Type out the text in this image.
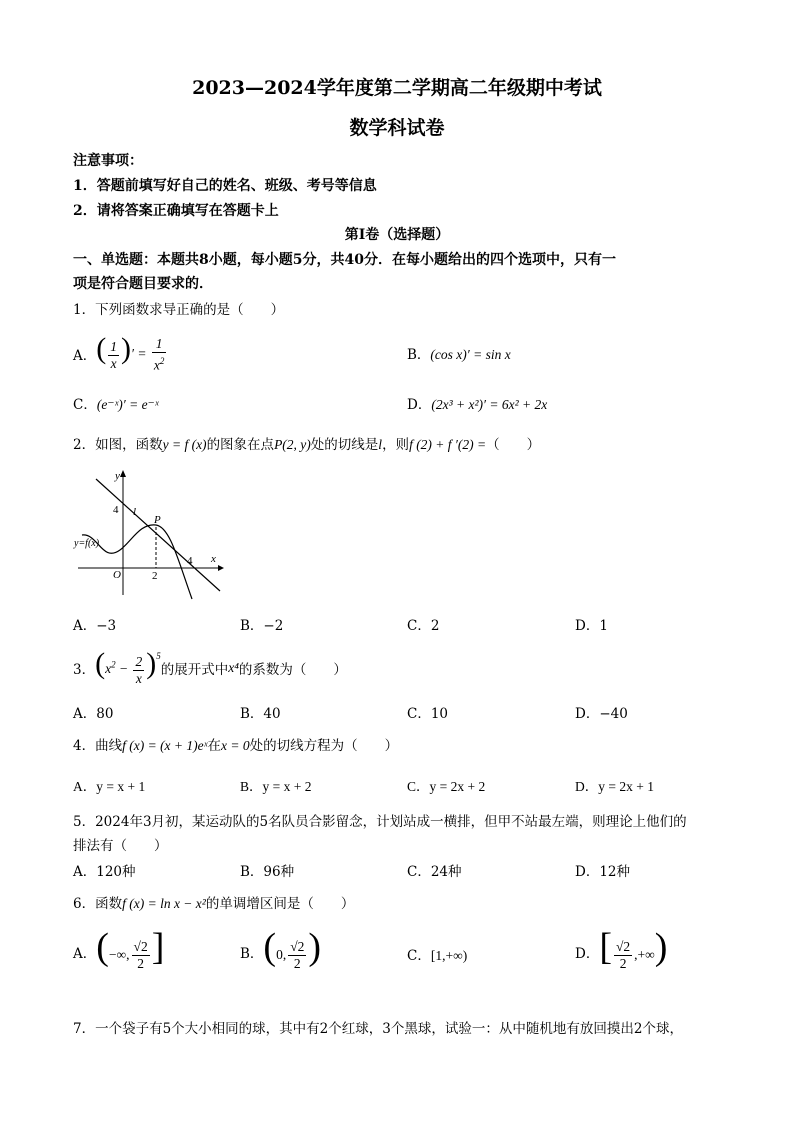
2023—2024学年度第二学期高二年级期中考试
数学科试卷
注意事项：
1．答题前填写好自己的姓名、班级、考号等信息
2．请将答案正确填写在答题卡上
第Ⅰ卷（选择题）
一、单选题：本题共8小题，每小题5分，共40分．在每小题给出的四个选项中，只有一
项是符合题目要求的．
1．下列函数求导正确的是（　　）
A． ( $\frac{1}{x}$ )′ = $\frac{1}{x^2}$	B．(cos x)′ = sin x
C．(e⁻ˣ)′ = e⁻ˣ	D．(2x³ + x²)′ = 6x² + 2x
2．如图，函数y = f (x)的图象在点P(2, y)处的切线是l，则f (2) + f ′(2) =（　　）
y
x
O
4
2
4
l
P
y=f(x)
A．−3	B．−2	C．2	D．1
3． $(x^2 - \frac{2}{x} )^5$
的展开式中 x⁴ 的系数为（　　）
A．80	B．40	C．10	D．−40
4．曲线f (x) = (x + 1)eˣ在x = 0处的切线方程为（　　）
A．y = x + 1	B．y = x + 2	C．y = 2x + 2	D．y = 2x + 1
5．2024年3月初，某运动队的5名队员合影留念，计划站成一横排，但甲不站最左端，则理论上他们的
排法有（　　）
A．120种	B．96种	C．24种	D．12种
6．函数f (x) = ln x − x²的单调增区间是（　　）
A． (−∞, $\frac{√2}{2}$ ]	B． (0, $\frac{√2}{2}$ )	C．[1,+∞)	D． [ $\frac{√2}{2}$ ,+∞)
7．一个袋子有5个大小相同的球，其中有2个红球，3个黑球，试验一：从中随机地有放回摸出2个球，
